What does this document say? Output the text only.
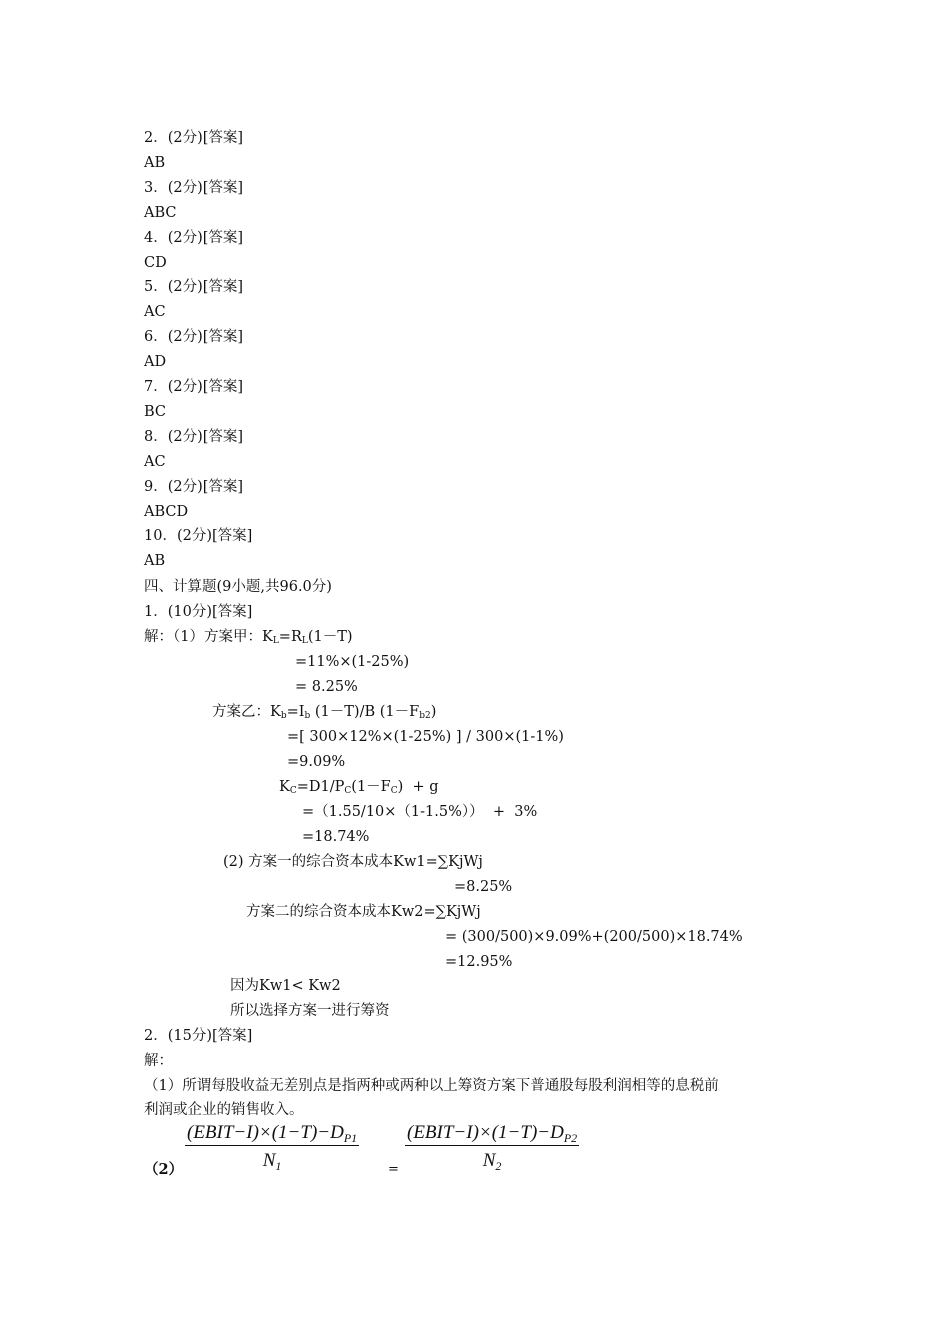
2．(2分)[答案]
AB
3．(2分)[答案]
ABC
4．(2分)[答案]
CD
5．(2分)[答案]
AC
6．(2分)[答案]
AD
7．(2分)[答案]
BC
8．(2分)[答案]
AC
9．(2分)[答案]
ABCD
10．(2分)[答案]
AB
四、计算题(9小题,共96.0分)
1．(10分)[答案]
解：（1）方案甲：$K_L=R_L(1-T)$
=11%×(1-25%)
= 8.25%
方案乙：$K_b=I_b$ (1－T)/B $(1-F_{b2})$
=[ 300×12%×(1-25%) ] / 300×(1-1%)
=9.09%
$K_C=D1/P_C(1-F_C) + g$
=（1.55/10×（1-1.5%））  +  3%
=18.74%
(2) 方案一的综合资本成本Kw1=∑KjWj
=8.25%
方案二的综合资本成本Kw2=∑KjWj
= (300/500)×9.09%+(200/500)×18.74%
=12.95%
因为Kw1< Kw2
所以选择方案一进行筹资
2．(15分)[答案]
解：
（1）所谓每股收益无差别点是指两种或两种以上筹资方案下普通股每股利润相等的息税前
利润或企业的销售收入。
（2）
$(EBIT-I)\times(1-T)-D_{P1}$
$N_1$	=
$(EBIT-I)\times(1-T)-D_{P2}$
$N_2$
